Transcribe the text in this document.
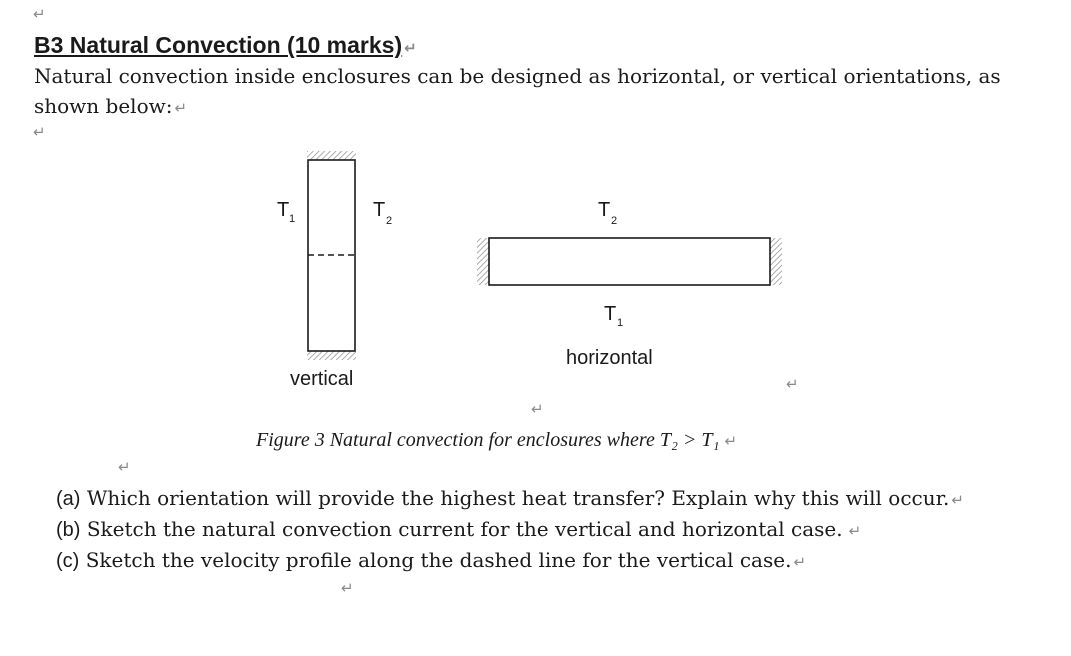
↵
B3 Natural Convection (10 marks) ↵
Natural convection inside enclosures can be designed as horizontal, or vertical orientations, as shown below: ↵
↵
T 1	T 2
vertical
T 2
T 1
horizontal
↵
↵
Figure 3 Natural convection for enclosures where T₂ > T₁ ↵
↵
(a) Which orientation will provide the highest heat transfer? Explain why this will occur. ↵
(b) Sketch the natural convection current for the vertical and horizontal case. ↵
(c) Sketch the velocity profile along the dashed line for the vertical case. ↵
↵
